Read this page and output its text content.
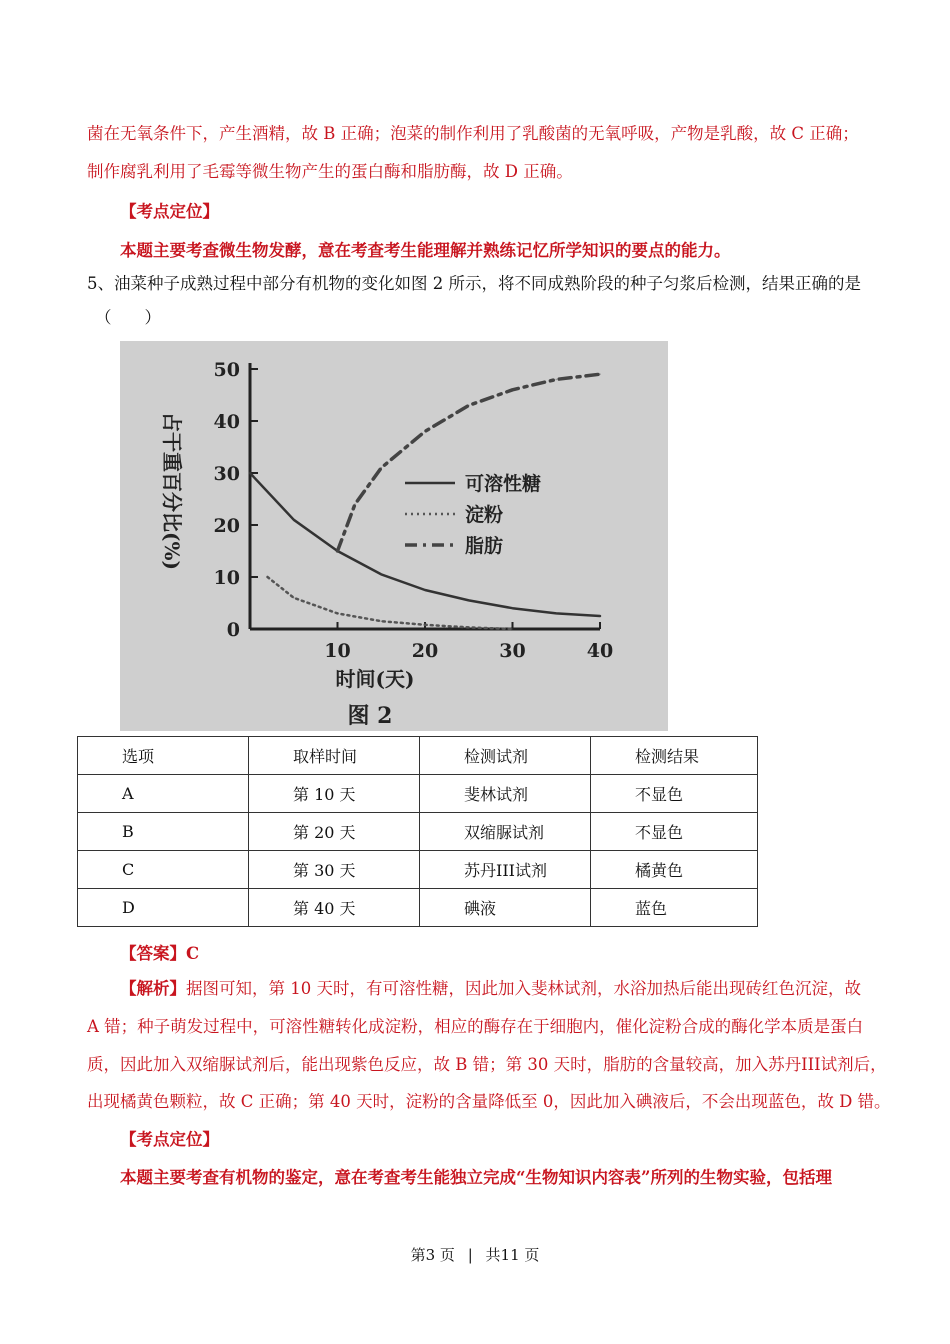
菌在无氧条件下，产生酒精，故 B 正确；泡菜的制作利用了乳酸菌的无氧呼吸，产物是乳酸，故 C 正确；
制作腐乳利用了毛霉等微生物产生的蛋白酶和脂肪酶，故 D 正确。
【考点定位】
本题主要考查微生物发酵，意在考查考生能理解并熟练记忆所学知识的要点的能力。
5、油菜种子成熟过程中部分有机物的变化如图 2 所示，将不同成熟阶段的种子匀浆后检测，结果正确的是
（　　）
0
10
20
30
40
50
10	20	30	40
时间(天)
占干重百分比(%)
图 2
可溶性糖
淀粉
脂肪
选项	取样时间	检测试剂	检测结果
A	第 10 天	斐林试剂	不显色
B	第 20 天	双缩脲试剂	不显色
C	第 30 天	苏丹III试剂	橘黄色
D	第 40 天	碘液	蓝色
【答案】C
【解析】据图可知，第 10 天时，有可溶性糖，因此加入斐林试剂，水浴加热后能出现砖红色沉淀，故
A 错；种子萌发过程中，可溶性糖转化成淀粉，相应的酶存在于细胞内，催化淀粉合成的酶化学本质是蛋白
质，因此加入双缩脲试剂后，能出现紫色反应，故 B 错；第 30 天时，脂肪的含量较高，加入苏丹III试剂后，
出现橘黄色颗粒，故 C 正确；第 40 天时，淀粉的含量降低至 0，因此加入碘液后，不会出现蓝色，故 D 错。
【考点定位】
本题主要考查有机物的鉴定，意在考查考生能独立完成“生物知识内容表”所列的生物实验，包括理
第3 页 | 共11 页
